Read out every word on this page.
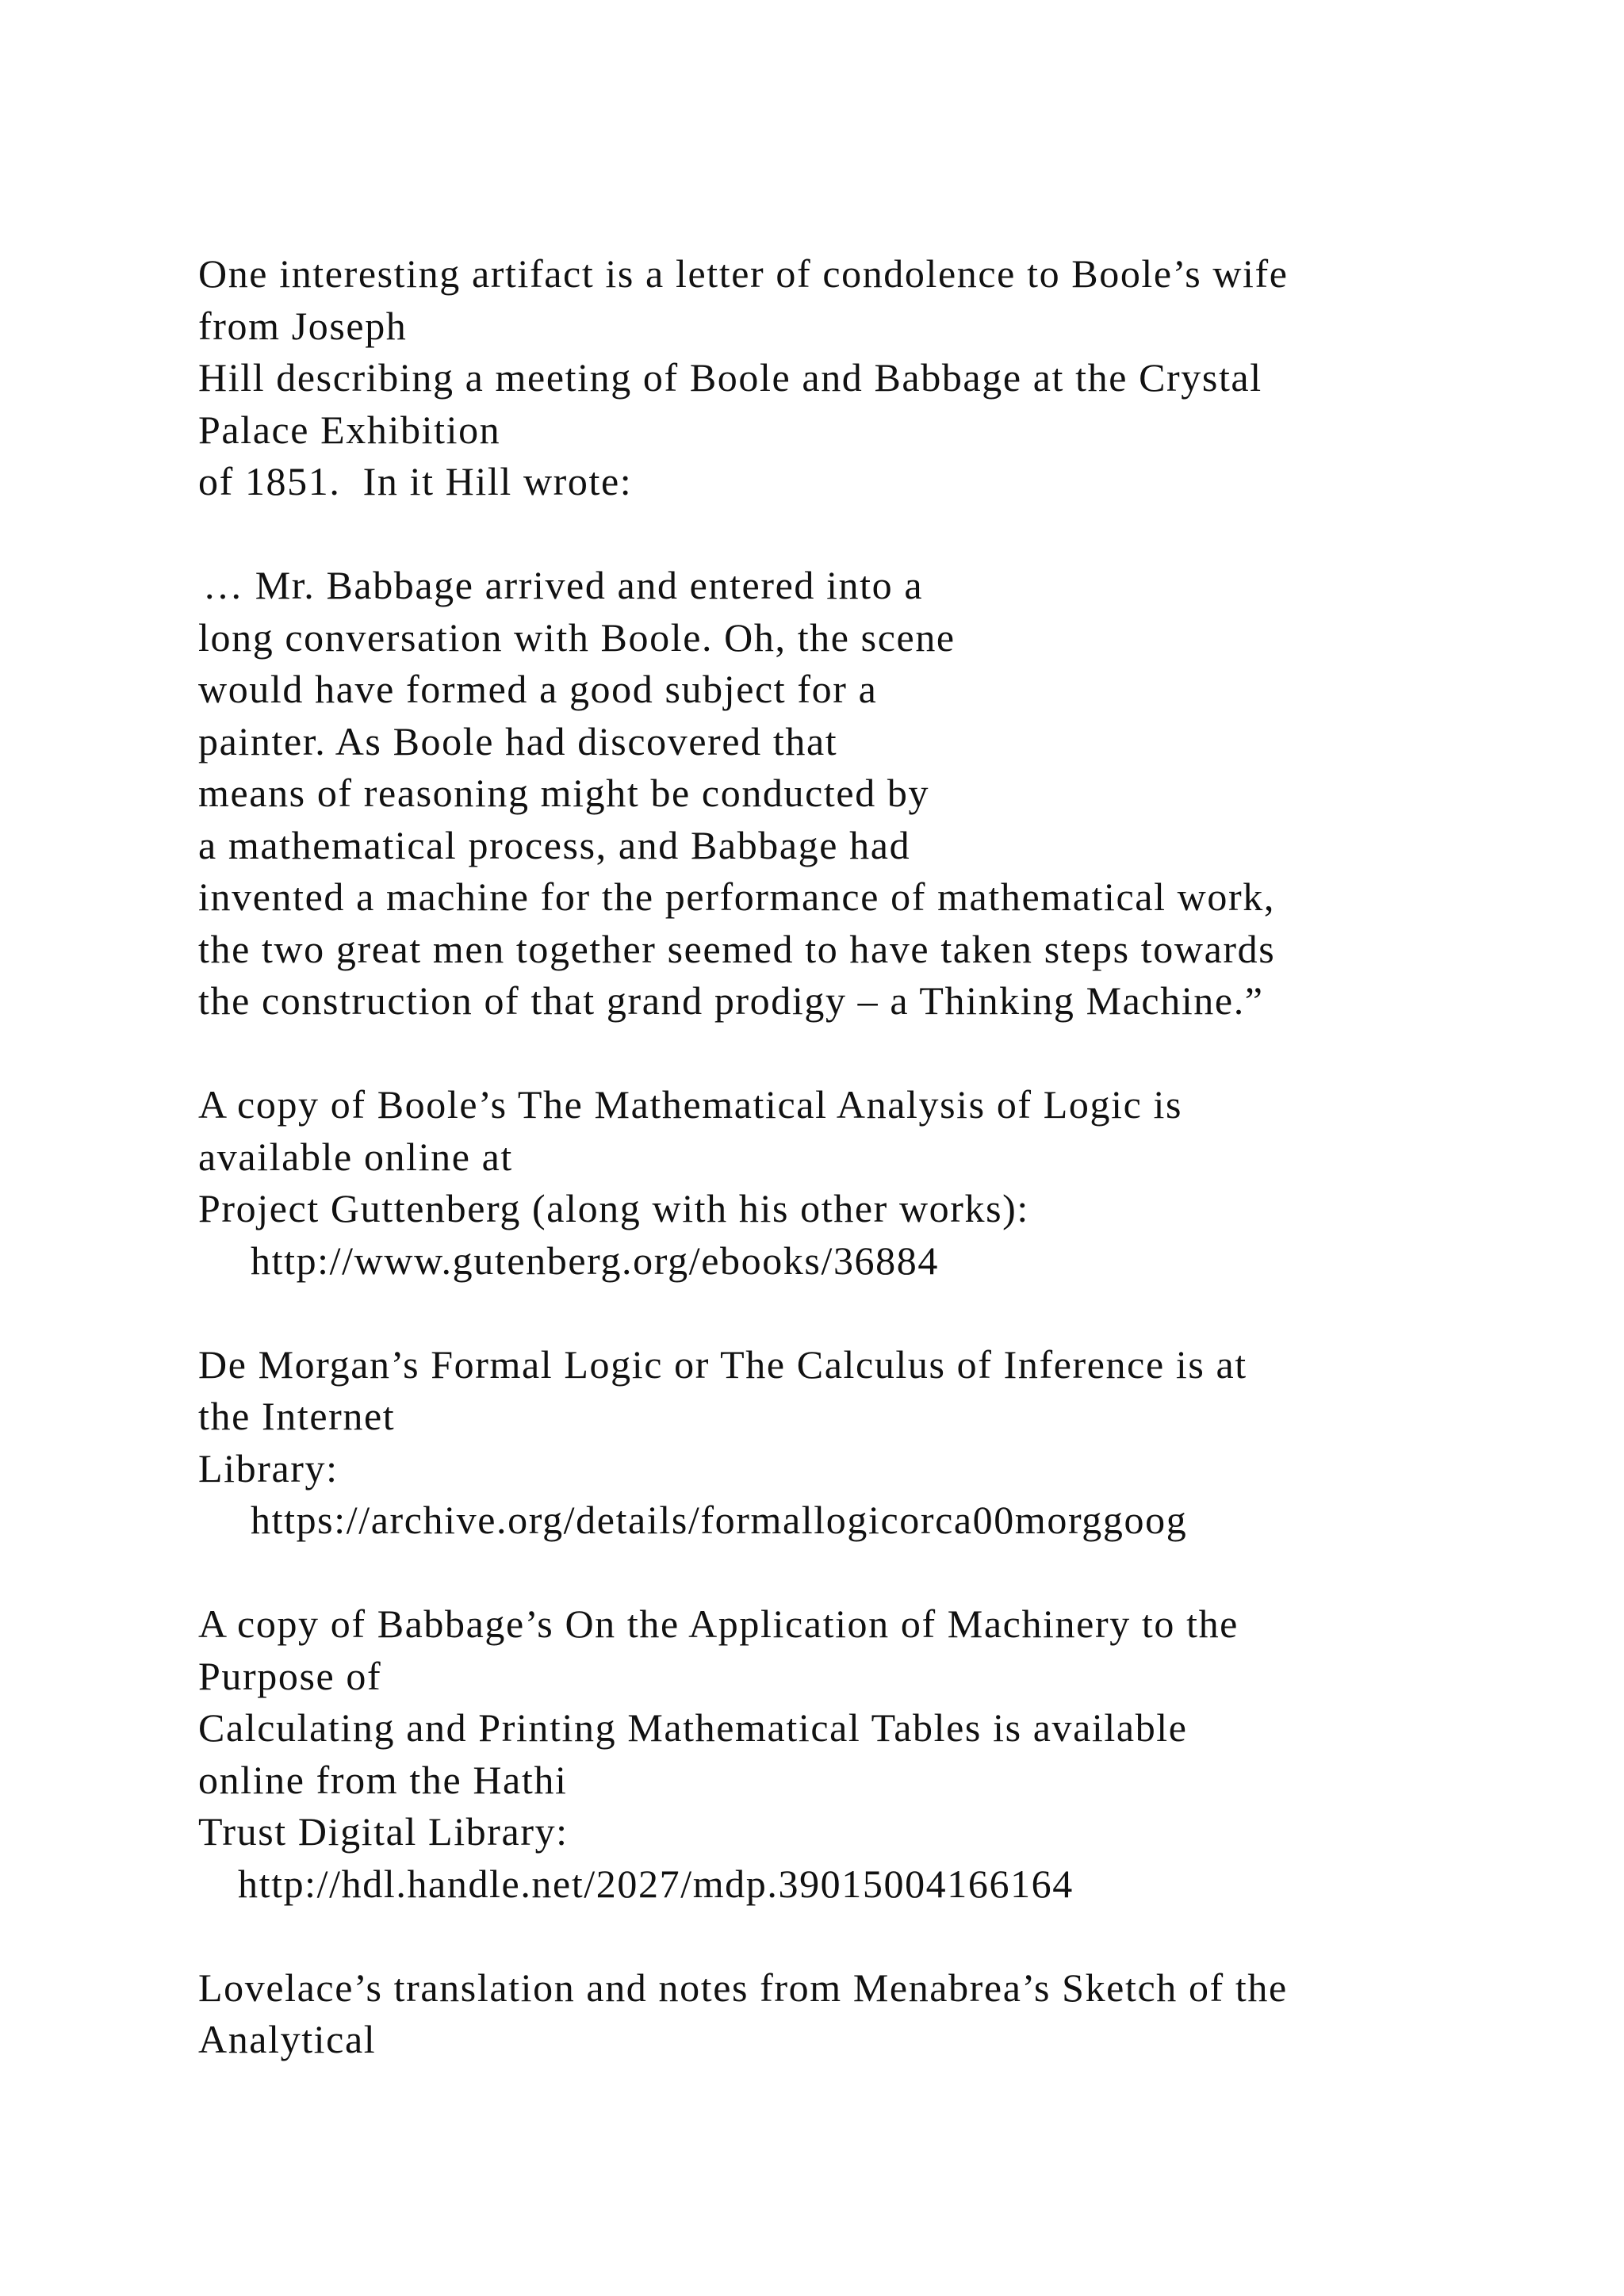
One interesting artifact is a letter of condolence to Boole’s wife
from Joseph
Hill describing a meeting of Boole and Babbage at the Crystal
Palace Exhibition
of 1851.  In it Hill wrote:
… Mr. Babbage arrived and entered into a
long conversation with Boole. Oh, the scene
would have formed a good subject for a
painter. As Boole had discovered that
means of reasoning might be conducted by
a mathematical process, and Babbage had
invented a machine for the performance of mathematical work,
the two great men together seemed to have taken steps towards
the construction of that grand prodigy – a Thinking Machine.”
A copy of Boole’s The Mathematical Analysis of Logic is
available online at
Project Guttenberg (along with his other works):
http://www.gutenberg.org/ebooks/36884
De Morgan’s Formal Logic or The Calculus of Inference is at
the Internet
Library:
https://archive.org/details/formallogicorca00morggoog
A copy of Babbage’s On the Application of Machinery to the
Purpose of
Calculating and Printing Mathematical Tables is available
online from the Hathi
Trust Digital Library:
http://hdl.handle.net/2027/mdp.39015004166164
Lovelace’s translation and notes from Menabrea’s Sketch of the
Analytical
